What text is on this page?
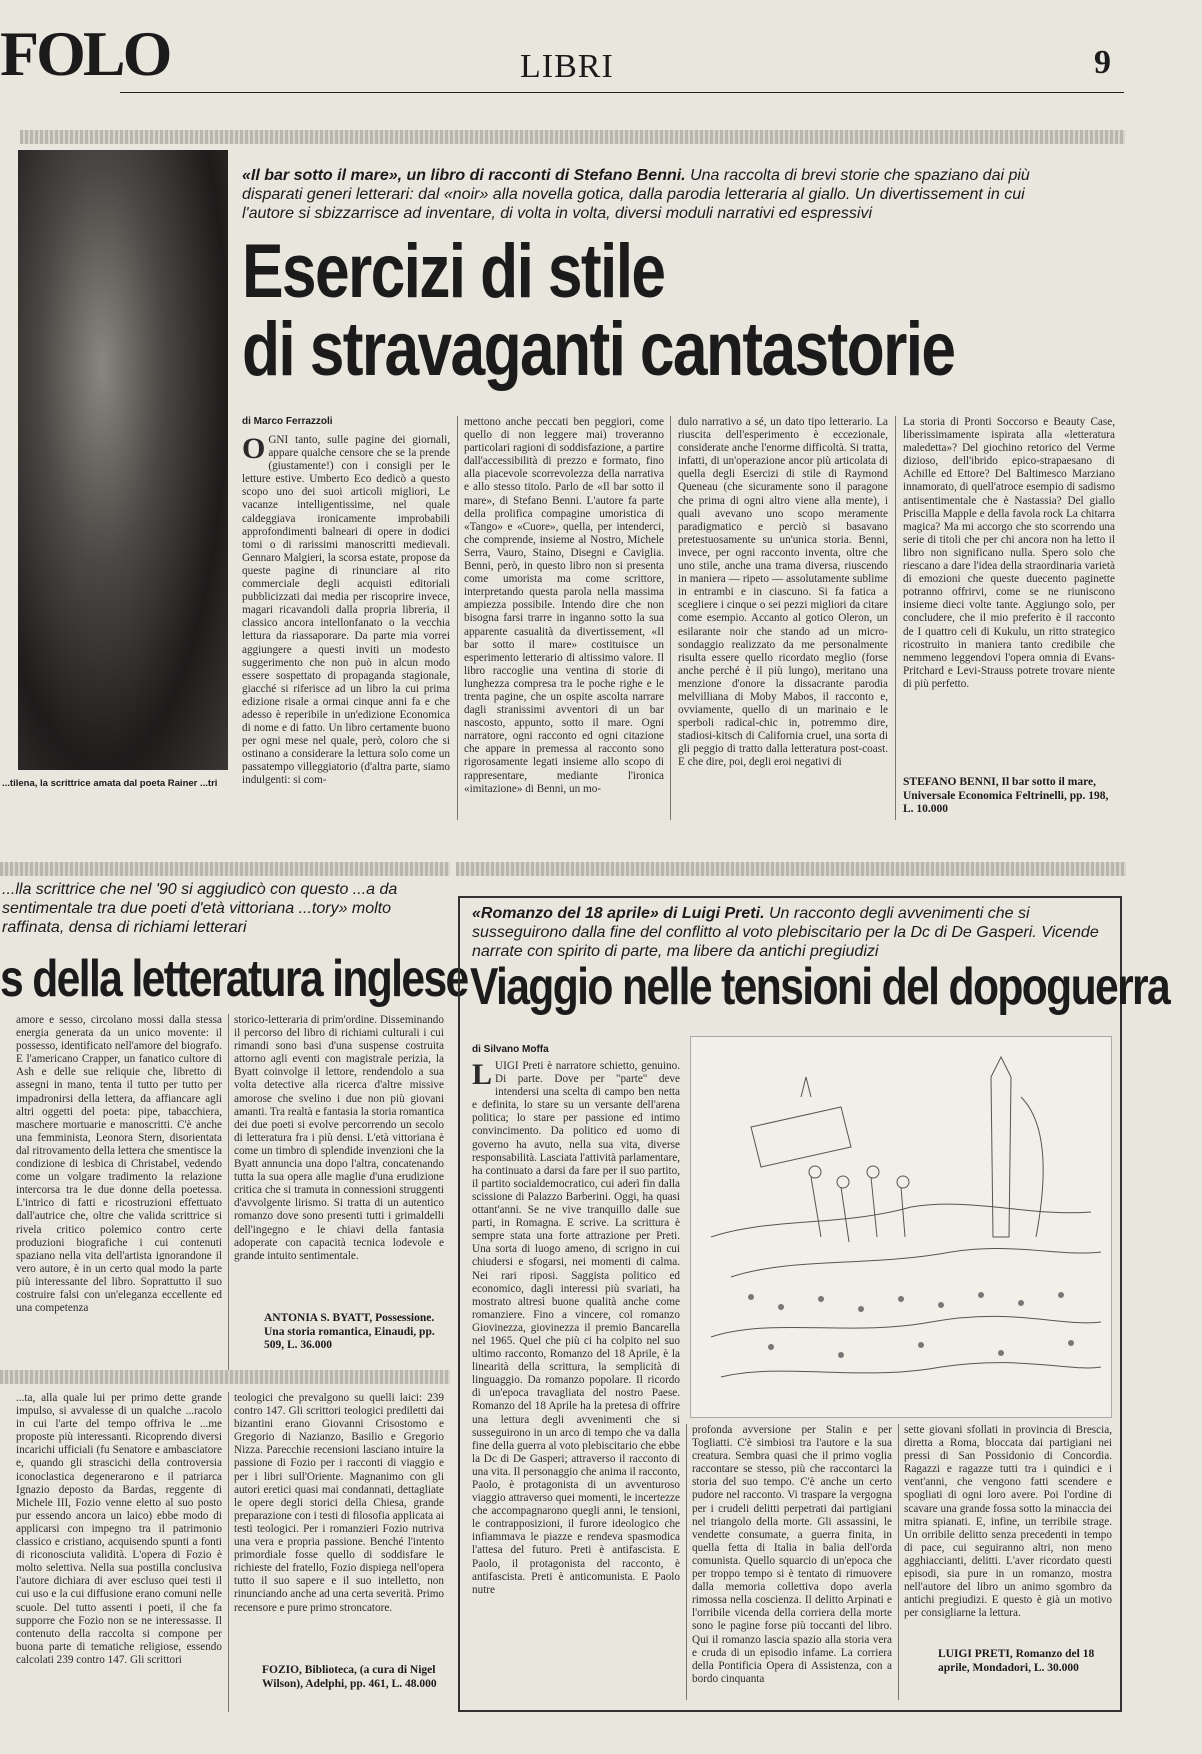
FOLO	LIBRI	9
...tilena, la scrittrice amata dal poeta Rainer ...tri
«Il bar sotto il mare», un libro di racconti di Stefano Benni. Una raccolta di brevi storie che spaziano dai più disparati generi letterari: dal «noir» alla novella gotica, dalla parodia letteraria al giallo. Un divertissement in cui l'autore si sbizzarrisce ad inventare, di volta in volta, diversi moduli narrativi ed espressivi
Esercizi di stile
di stravaganti cantastorie
di Marco Ferrazzoli
OGNI tanto, sulle pagine dei giornali, appare qualche censore che se la prende (giustamente!) con i consigli per le letture estive. Umberto Eco dedicò a questo scopo uno dei suoi articoli migliori, Le vacanze intelligentissime, nel quale caldeggiava ironicamente improbabili approfondimenti balneari di opere in dodici tomi o di rarissimi manoscritti medievali. Gennaro Malgieri, la scorsa estate, propose da queste pagine di rinunciare al rito commerciale degli acquisti editoriali pubblicizzati dai media per riscoprire invece, magari ricavandoli dalla propria libreria, il classico ancora intellonfanato o la vecchia lettura da riassaporare. Da parte mia vorrei aggiungere a questi inviti un modesto suggerimento che non può in alcun modo essere sospettato di propaganda stagionale, giacché si riferisce ad un libro la cui prima edizione risale a ormai cinque anni fa e che adesso è reperibile in un'edizione Economica di nome e di fatto. Un libro certamente buono per ogni mese nel quale, però, coloro che si ostinano a considerare la lettura solo come un passatempo villeggiatorio (d'altra parte, siamo indulgenti: si com-
mettono anche peccati ben peggiori, come quello di non leggere mai) troveranno particolari ragioni di soddisfazione, a partire dall'accessibilità di prezzo e formato, fino alla piacevole scorrevolezza della narrativa e allo stesso titolo. Parlo de «Il bar sotto il mare», di Stefano Benni. L'autore fa parte della prolifica compagine umoristica di «Tango» e «Cuore», quella, per intenderci, che comprende, insieme al Nostro, Michele Serra, Vauro, Staino, Disegni e Caviglia. Benni, però, in questo libro non si presenta come umorista ma come scrittore, interpretando questa parola nella massima ampiezza possibile. Intendo dire che non bisogna farsi trarre in inganno sotto la sua apparente casualità da divertissement, «Il bar sotto il mare» costituisce un esperimento letterario di altissimo valore. Il libro raccoglie una ventina di storie di lunghezza compresa tra le poche righe e le trenta pagine, che un ospite ascolta narrare dagli stranissimi avventori di un bar nascosto, appunto, sotto il mare. Ogni narratore, ogni racconto ed ogni citazione che appare in premessa al racconto sono rigorosamente legati insieme allo scopo di rappresentare, mediante l'ironica «imitazione» di Benni, un mo-
dulo narrativo a sé, un dato tipo letterario. La riuscita dell'esperimento è eccezionale, considerate anche l'enorme difficoltà. Si tratta, infatti, di un'operazione ancor più articolata di quella degli Esercizi di stile di Raymond Queneau (che sicuramente sono il paragone che prima di ogni altro viene alla mente), i quali avevano uno scopo meramente paradigmatico e perciò si basavano pretestuosamente su un'unica storia. Benni, invece, per ogni racconto inventa, oltre che uno stile, anche una trama diversa, riuscendo in maniera — ripeto — assolutamente sublime in entrambi e in ciascuno. Si fa fatica a scegliere i cinque o sei pezzi migliori da citare come esempio. Accanto al gotico Oleron, un esilarante noir che stando ad un micro-sondaggio realizzato da me personalmente risulta essere quello ricordato meglio (forse anche perché è il più lungo), meritano una menzione d'onore la dissacrante parodia melvilliana di Moby Mabos, il racconto e, ovviamente, quello di un marinaio e le sperboli radical-chic in, potremmo dire, stadiosi-kitsch di California cruel, una sorta di gli peggio di tratto dalla letteratura post-coast. E che dire, poi, degli eroi negativi di
La storia di Pronti Soccorso e Beauty Case, liberissimamente ispirata alla «letteratura maledetta»? Del giochino retorico del Verme dizioso, dell'ibrido epico-strapaesano di Achille ed Ettore? Del Baltimesco Marziano innamorato, di quell'atroce esempio di sadismo antisentimentale che è Nastassia? Del giallo Priscilla Mapple e della favola rock La chitarra magica? Ma mi accorgo che sto scorrendo una serie di titoli che per chi ancora non ha letto il libro non significano nulla. Spero solo che riescano a dare l'idea della straordinaria varietà di emozioni che queste duecento paginette potranno offrirvi, come se ne riuniscono insieme dieci volte tante. Aggiungo solo, per concludere, che il mio preferito è il racconto de I quattro celi di Kukulu, un ritto strategico ricostruito in maniera tanto credibile che nemmeno leggendovi l'opera omnia di Evans-Pritchard e Levi-Strauss potrete trovare niente di più perfetto.
STEFANO BENNI, Il bar sotto il mare, Universale Economica Feltrinelli, pp. 198, L. 10.000
...lla scrittrice che nel '90 si aggiudicò con questo ...a da sentimentale tra due poeti d'età vittoriana ...tory» molto raffinata, densa di richiami letterari
s della letteratura inglese
amore e sesso, circolano mossi dalla stessa energia generata da un unico movente: il possesso, identificato nell'amore del biografo. E l'americano Crapper, un fanatico cultore di Ash e delle sue reliquie che, libretto di assegni in mano, tenta il tutto per tutto per impadronirsi della lettera, da affiancare agli altri oggetti del poeta: pipe, tabacchiera, maschere mortuarie e manoscritti. C'è anche una femminista, Leonora Stern, disorientata dal ritrovamento della lettera che smentisce la condizione di lesbica di Christabel, vedendo come un volgare tradimento la relazione intercorsa tra le due donne della poetessa. L'intrico di fatti e ricostruzioni effettuato dall'autrice che, oltre che valida scrittrice si rivela critico polemico contro certe produzioni biografiche i cui contenuti spaziano nella vita dell'artista ignorandone il vero autore, è in un certo qual modo la parte più interessante del libro. Soprattutto il suo costruire falsi con un'eleganza eccellente ed una competenza
storico-letteraria di prim'ordine. Disseminando il percorso del libro di richiami culturali i cui rimandi sono basi d'una suspense costruita attorno agli eventi con magistrale perizia, la Byatt coinvolge il lettore, rendendolo a sua volta detective alla ricerca d'altre missive amorose che svelino i due non più giovani amanti. Tra realtà e fantasia la storia romantica dei due poeti si evolve percorrendo un secolo di letteratura fra i più densi. L'età vittoriana è come un timbro di splendide invenzioni che la Byatt annuncia una dopo l'altra, concatenando tutta la sua opera alle maglie d'una erudizione critica che si tramuta in connessioni struggenti d'avvolgente lirismo. Si tratta di un autentico romanzo dove sono presenti tutti i grimaldelli dell'ingegno e le chiavi della fantasia adoperate con capacità tecnica lodevole e grande intuito sentimentale.
ANTONIA S. BYATT, Possessione. Una storia romantica, Einaudi, pp. 509, L. 36.000
...ta, alla quale lui per primo dette grande impulso, si avvalesse di un qualche ...racolo in cui l'arte del tempo offriva le ...me proposte più interessanti. Ricoprendo diversi incarichi ufficiali (fu Senatore e ambasciatore e, quando gli strascichi della controversia iconoclastica degenerarono e il patriarca Ignazio deposto da Bardas, reggente di Michele III, Fozio venne eletto al suo posto pur essendo ancora un laico) ebbe modo di applicarsi con impegno tra il patrimonio classico e cristiano, acquisendo spunti a fonti di riconosciuta validità. L'opera di Fozio è molto selettiva. Nella sua postilla conclusiva l'autore dichiara di aver escluso quei testi il cui uso e la cui diffusione erano comuni nelle scuole. Del tutto assenti i poeti, il che fa supporre che Fozio non se ne interessasse. Il contenuto della raccolta si compone per buona parte di tematiche religiose, essendo calcolati 239 contro 147. Gli scrittori
teologici che prevalgono su quelli laici: 239 contro 147. Gli scrittori teologici prediletti dai bizantini erano Giovanni Crisostomo e Gregorio di Nazianzo, Basilio e Gregorio Nizza. Parecchie recensioni lasciano intuire la passione di Fozio per i racconti di viaggio e per i libri sull'Oriente. Magnanimo con gli autori eretici quasi mai condannati, dettagliate le opere degli storici della Chiesa, grande preparazione con i testi di filosofia applicata ai testi teologici. Per i romanzieri Fozio nutriva una vera e propria passione. Benché l'intento primordiale fosse quello di soddisfare le richieste del fratello, Fozio dispiega nell'opera tutto il suo sapere e il suo intelletto, non rinunciando anche ad una certa severità. Primo recensore e pure primo stroncatore.
FOZIO, Biblioteca, (a cura di Nigel Wilson), Adelphi, pp. 461, L. 48.000
«Romanzo del 18 aprile» di Luigi Preti. Un racconto degli avvenimenti che si susseguirono dalla fine del conflitto al voto plebiscitario per la Dc di De Gasperi. Vicende narrate con spirito di parte, ma libere da antichi pregiudizi
Viaggio nelle tensioni del dopoguerra
di Silvano Moffa
LUIGI Preti è narratore schietto, genuino. Di parte. Dove per "parte" deve intendersi una scelta di campo ben netta e definita, lo stare su un versante dell'arena politica; lo stare per passione ed intimo convincimento. Da politico ed uomo di governo ha avuto, nella sua vita, diverse responsabilità. Lasciata l'attività parlamentare, ha continuato a darsi da fare per il suo partito, il partito socialdemocratico, cui aderì fin dalla scissione di Palazzo Barberini. Oggi, ha quasi ottant'anni. Se ne vive tranquillo dalle sue parti, in Romagna. E scrive. La scrittura è sempre stata una forte attrazione per Preti. Una sorta di luogo ameno, di scrigno in cui chiudersi e sfogarsi, nei momenti di calma. Nei rari riposi. Saggista politico ed economico, dagli interessi più svariati, ha mostrato altresì buone qualità anche come romanziere. Fino a vincere, col romanzo Giovinezza, giovinezza il premio Bancarella nel 1965. Quel che più ci ha colpito nel suo ultimo racconto, Romanzo del 18 Aprile, è la linearità della scrittura, la semplicità di linguaggio. Da romanzo popolare. Il ricordo di un'epoca travagliata del nostro Paese. Romanzo del 18 Aprile ha la pretesa di offrire una lettura degli avvenimenti che si susseguirono in un arco di tempo che va dalla fine della guerra al voto plebiscitario che ebbe la Dc di De Gasperi; attraverso il racconto di una vita. Il personaggio che anima il racconto, Paolo, è protagonista di un avventuroso viaggio attraverso quei momenti, le incertezze che accompagnarono quegli anni, le tensioni, le contrapposizioni, il furore ideologico che infiammava le piazze e rendeva spasmodica l'attesa del futuro. Preti è antifascista. E Paolo, il protagonista del racconto, è antifascista. Preti è anticomunista. E Paolo nutre
profonda avversione per Stalin e per Togliatti. C'è simbiosi tra l'autore e la sua creatura. Sembra quasi che il primo voglia raccontare se stesso, più che raccontarci la storia del suo tempo. C'è anche un certo pudore nel racconto. Vi traspare la vergogna per i crudeli delitti perpetrati dai partigiani nel triangolo della morte. Gli assassini, le vendette consumate, a guerra finita, in quella fetta di Italia in balia dell'orda comunista. Quello squarcio di un'epoca che per troppo tempo si è tentato di rimuovere dalla memoria collettiva dopo averla rimossa nella coscienza. Il delitto Arpinati e l'orribile vicenda della corriera della morte sono le pagine forse più toccanti del libro. Qui il romanzo lascia spazio alla storia vera e cruda di un episodio infame. La corriera della Pontificia Opera di Assistenza, con a bordo cinquanta
sette giovani sfollati in provincia di Brescia, diretta a Roma, bloccata dai partigiani nei pressi di San Possidonio di Concordia. Ragazzi e ragazze tutti tra i quindici e i vent'anni, che vengono fatti scendere e spogliati di ogni loro avere. Poi l'ordine di scavare una grande fossa sotto la minaccia dei mitra spianati. E, infine, un terribile strage. Un orribile delitto senza precedenti in tempo di pace, cui seguiranno altri, non meno agghiaccianti, delitti. L'aver ricordato questi episodi, sia pure in un romanzo, mostra nell'autore del libro un animo sgombro da antichi pregiudizi. E questo è già un motivo per consigliarne la lettura.
LUIGI PRETI, Romanzo del 18 aprile, Mondadori, L. 30.000
